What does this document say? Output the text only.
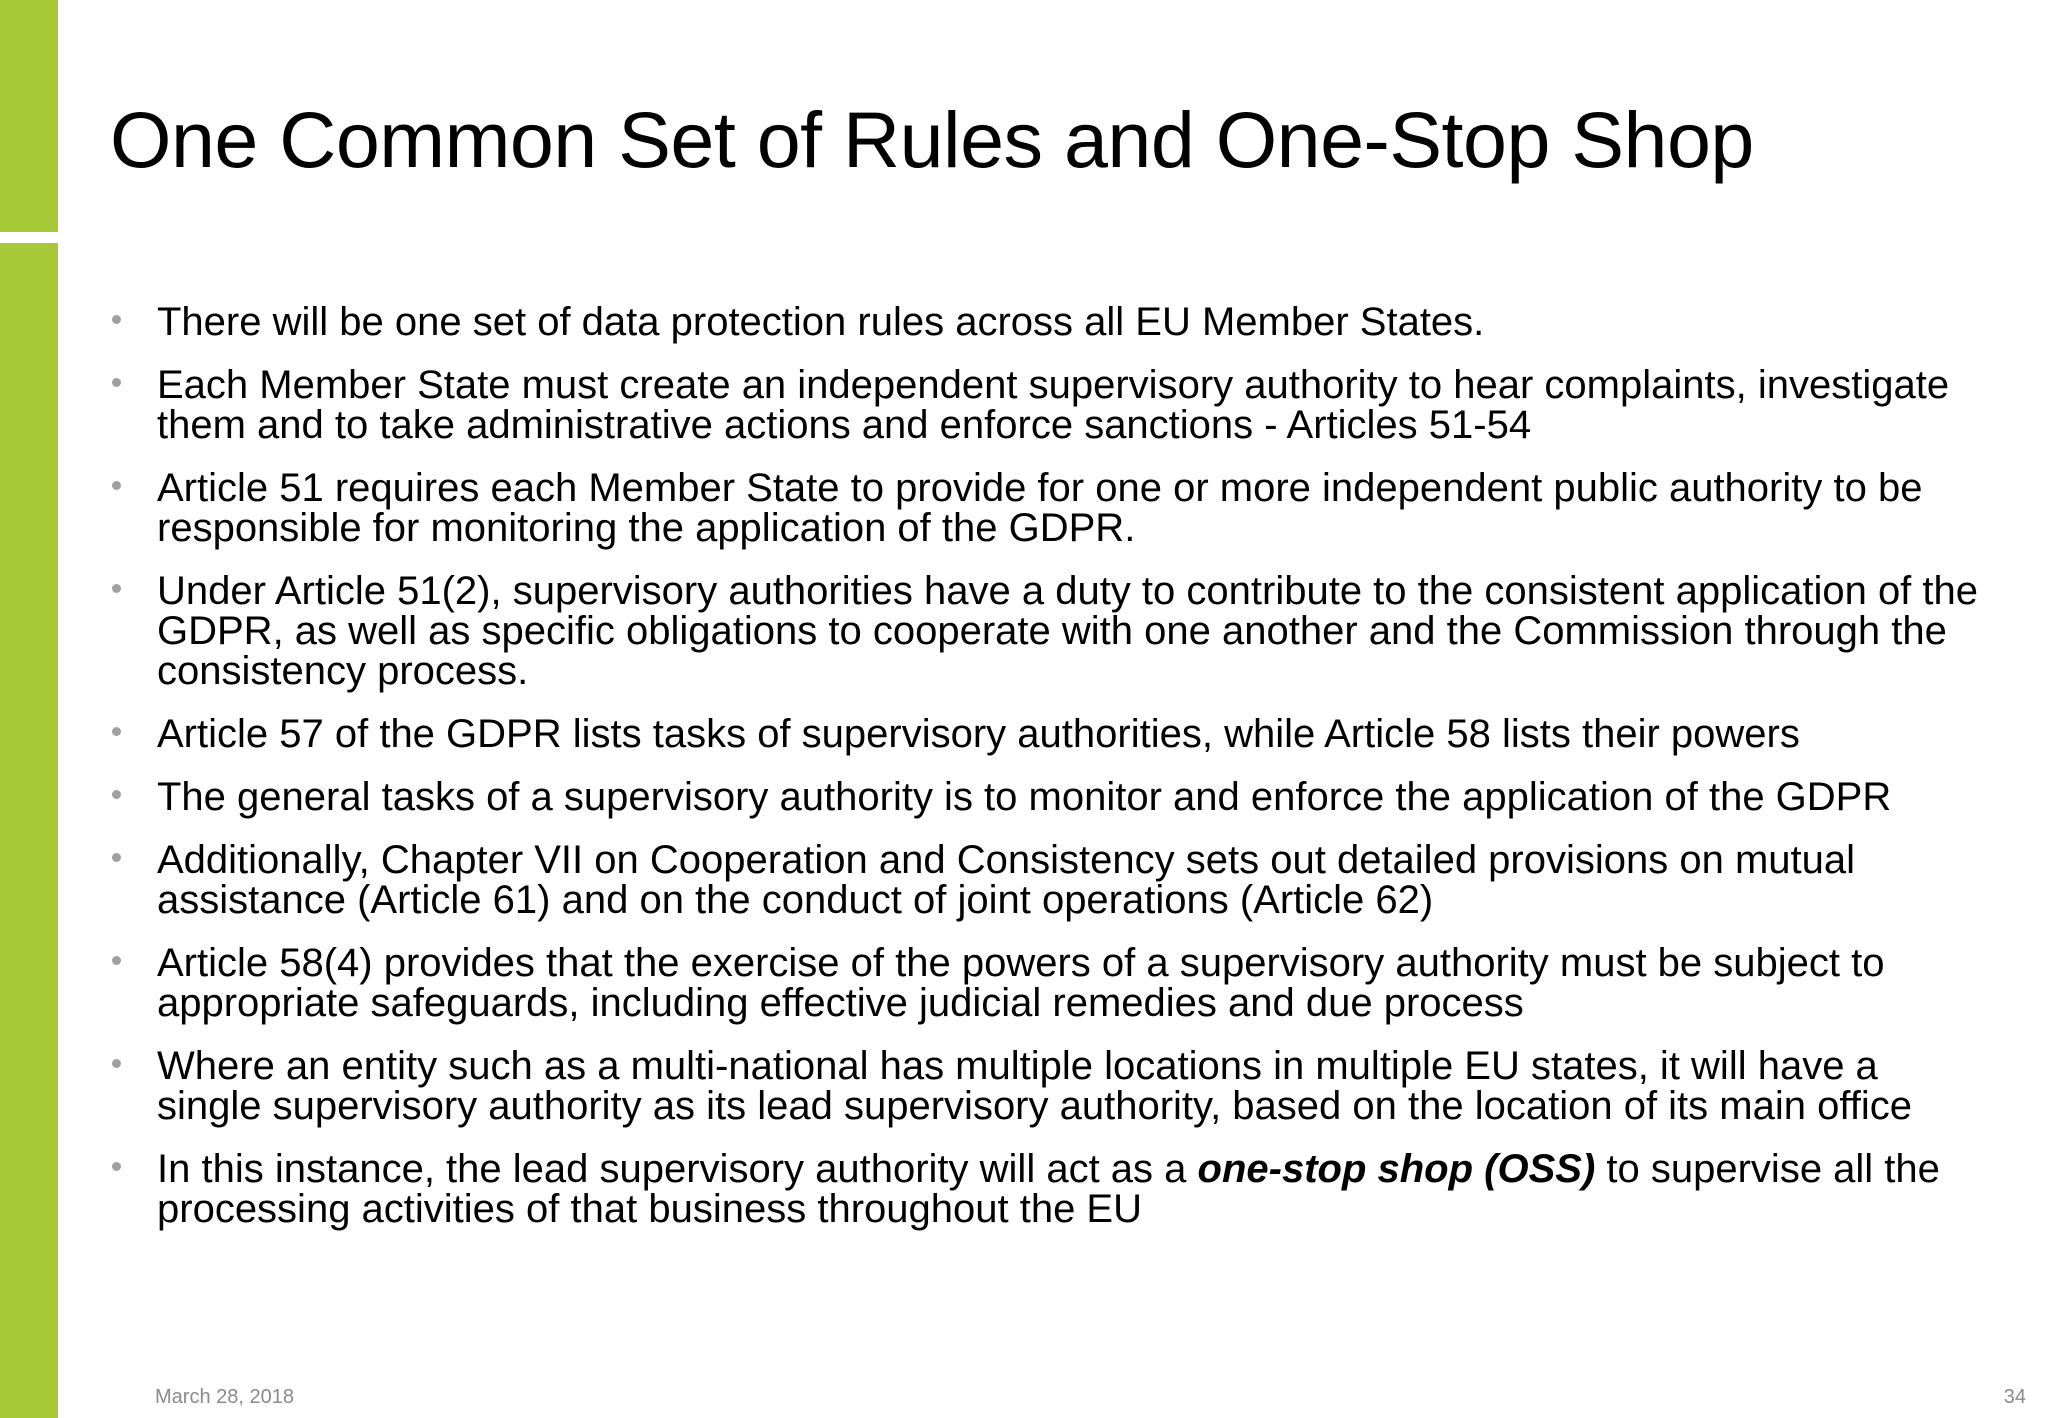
One Common Set of Rules and One-Stop Shop
There will be one set of data protection rules across all EU Member States.
Each Member State must create an independent supervisory authority to hear complaints, investigate them and to take administrative actions and enforce sanctions - Articles 51-54
Article 51 requires each Member State to provide for one or more independent public authority to be responsible for monitoring the application of the GDPR.
Under Article 51(2), supervisory authorities have a duty to contribute to the consistent application of the GDPR, as well as specific obligations to cooperate with one another and the Commission through the consistency process.
Article 57 of the GDPR lists tasks of supervisory authorities, while Article 58 lists their powers
The general tasks of a supervisory authority is to monitor and enforce the application of the GDPR
Additionally, Chapter VII on Cooperation and Consistency sets out detailed provisions on mutual assistance (Article 61) and on the conduct of joint operations (Article 62)
Article 58(4) provides that the exercise of the powers of a supervisory authority must be subject to appropriate safeguards, including effective judicial remedies and due process
Where an entity such as a multi-national has multiple locations in multiple EU states, it will have a single supervisory authority as its lead supervisory authority, based on the location of its main office
In this instance, the lead supervisory authority will act as a one-stop shop (OSS) to supervise all the processing activities of that business throughout the EU
March 28, 2018	34
